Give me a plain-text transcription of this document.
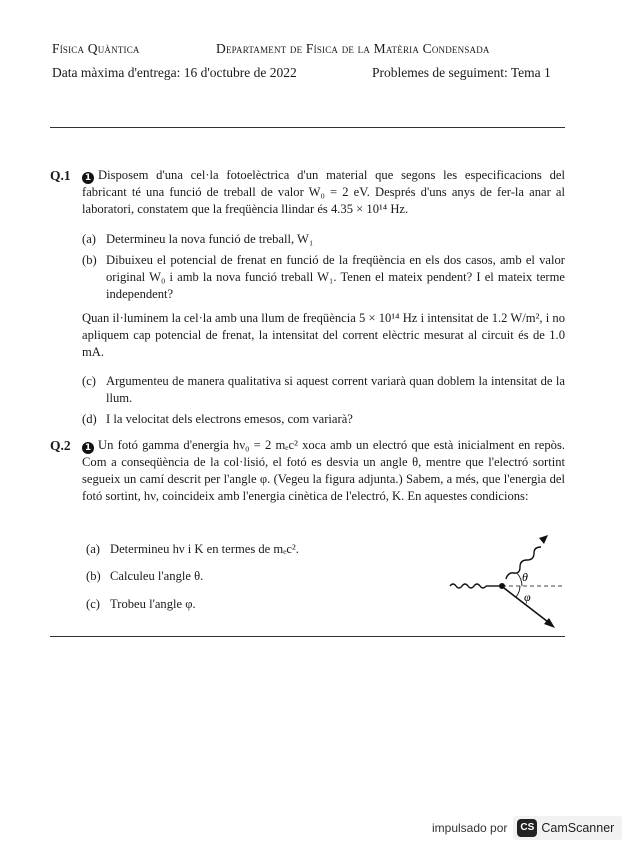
Física Quàntica	Departament de Física de la Matèria Condensada
Data màxima d'entrega: 16 d'octubre de 2022	Problemes de seguiment: Tema 1
Q.1	1 Disposem d'una cel·la fotoelèctrica d'un material que segons les especificacions del fabricant té una funció de treball de valor W₀ = 2 eV. Després d'uns anys de fer-la anar al laboratori, constatem que la freqüència llindar és 4.35 × 10¹⁴ Hz.
(a) Determineu la nova funció de treball, W₁
(b) Dibuixeu el potencial de frenat en funció de la freqüència en els dos casos, amb el valor original W₀ i amb la nova funció treball W₁. Tenen el mateix pendent? I el mateix terme independent?
Quan il·luminem la cel·la amb una llum de freqüència 5 × 10¹⁴ Hz i intensitat de 1.2 W/m², i no apliquem cap potencial de frenat, la intensitat del corrent elèctric mesurat al circuit és de 1.0 mA.
(c) Argumenteu de manera qualitativa si aquest corrent variarà quan doblem la intensitat de la llum.
(d) I la velocitat dels electrons emesos, com variarà?
Q.2	1 Un fotó gamma d'energia hν₀ = 2 mₑc² xoca amb un electró que està inicialment en repòs. Com a conseqüència de la col·lisió, el fotó es desvia un angle θ, mentre que l'electró sortint segueix un camí descrit per l'angle φ. (Vegeu la figura adjunta.) Sabem, a més, que l'energia del fotó sortint, hν, coincideix amb l'energia cinètica de l'electró, K. En aquestes condicions:
(a) Determineu hν i K en termes de mₑc².
(b) Calculeu l'angle θ.
(c) Trobeu l'angle φ.
θ
φ
impulsado por	CS CamScanner
